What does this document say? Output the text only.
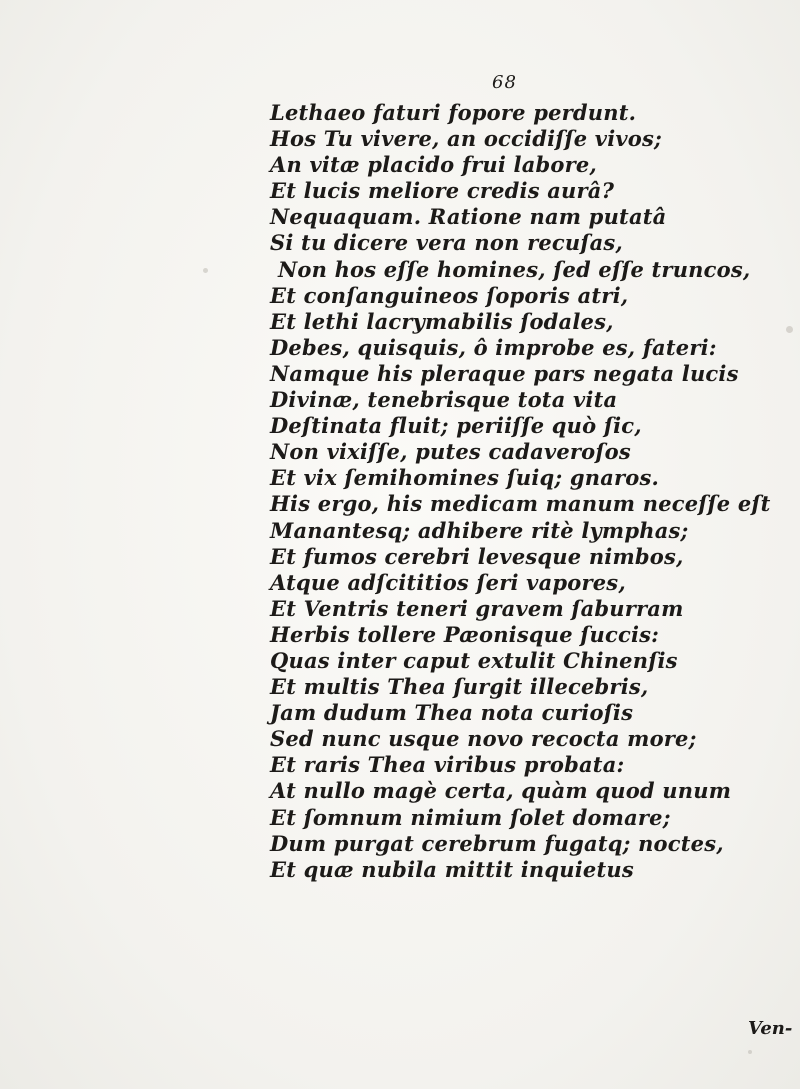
68
Lethaeo faturi fopore perdunt.
Hos Tu vivere, an occidiſſe vivos;
An vitæ placido frui labore,
Et lucis meliore credis aurâ?
Nequaquam. Ratione nam putatâ
Si tu dicere vera non recuſas,
Non hos eſſe homines, ſed eſſe truncos,
Et conſanguineos ſoporis atri,
Et lethi lacrymabilis ſodales,
Debes, quisquis, ô improbe es, fateri:
Namque his pleraque pars negata lucis
Divinæ, tenebrisque tota vita
Deſtinata fluit; periiſſe quò ſic,
Non vixiſſe, putes cadaveroſos
Et vix ſemihomines ſuiq; gnaros.
His ergo, his medicam manum neceſſe eſt
Manantesq; adhibere ritè lymphas;
Et fumos cerebri levesque nimbos,
Atque adſcititios ſeri vapores,
Et Ventris teneri gravem ſaburram
Herbis tollere Pæonisque ſuccis:
Quas inter caput extulit Chinenſis
Et multis Thea ſurgit illecebris,
Jam dudum Thea nota curioſis
Sed nunc usque novo recocta more;
Et raris Thea viribus probata:
At nullo magè certa, quàm quod unum
Et ſomnum nimium ſolet domare;
Dum purgat cerebrum fugatq; noctes,
Et quæ nubila mittit inquietus
Ven-
